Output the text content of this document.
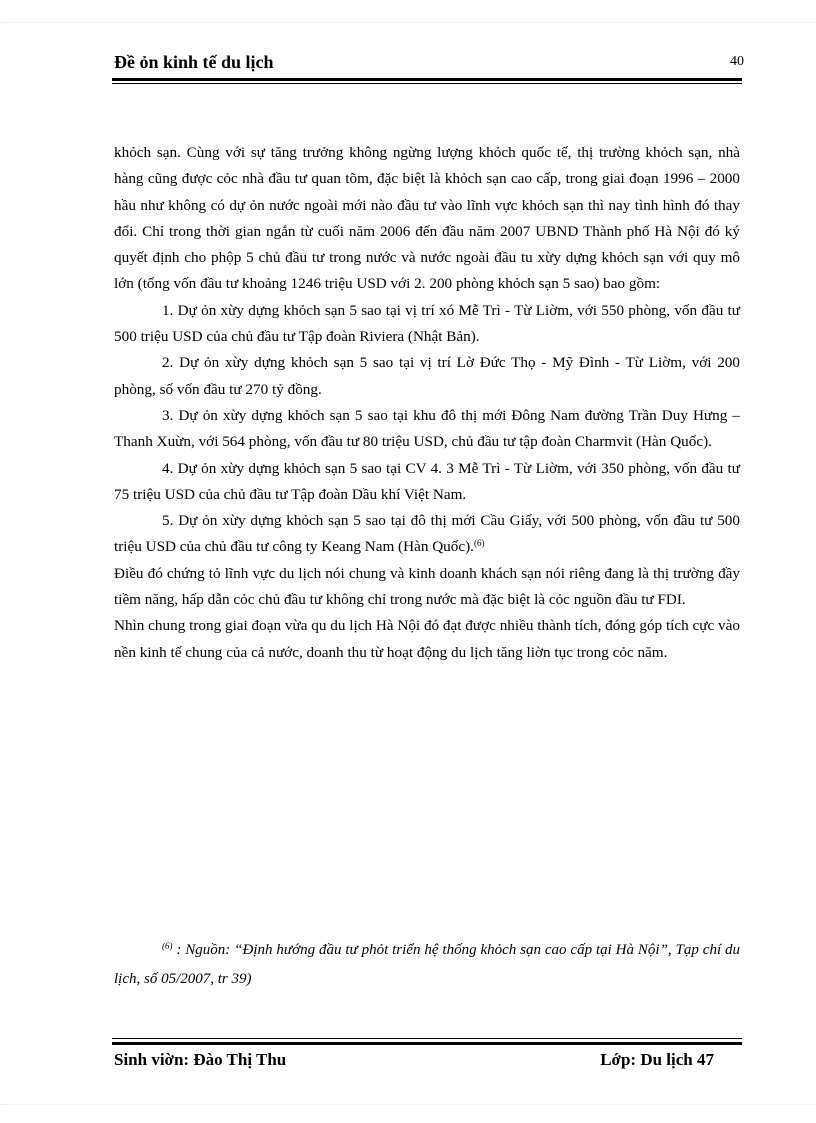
Đề ỏn kinh tế du lịch	40

khỏch sạn. Cùng với sự tăng trưởng không ngừng lượng khỏch quốc tế, thị trường khỏch sạn, nhà hàng cũng được cỏc nhà đầu tư quan tõm, đặc biệt là khỏch sạn cao cấp, trong giai đoạn 1996 – 2000 hầu như không có dự ỏn nước ngoài mới nào đầu tư vào lĩnh vực khỏch sạn thì nay tình hình đó thay đổi. Chỉ trong thời gian ngắn từ cuối năm 2006 đến đầu năm 2007 UBND Thành phố Hà Nội đó ký quyết định cho phộp 5 chủ đầu tư trong nước và nước ngoài đầu tu xừy dựng khỏch sạn với quy mô lớn (tổng vốn đầu tư khoảng 1246 triệu USD với 2. 200 phòng khỏch sạn 5 sao) bao gồm:

1. Dự ỏn xừy dựng khỏch sạn 5 sao tại vị trí xó Mễ Trì - Từ Liờm, với 550 phòng, vốn đầu tư 500 triệu USD của chủ đầu tư Tập đoàn Riviera (Nhật Bản).

2. Dự ỏn xừy dựng khỏch sạn 5 sao tại vị trí Lờ Đức Thọ - Mỹ Đình - Từ Liờm, với 200 phòng, số vốn đầu tư 270 tỷ đồng.

3. Dự ỏn xừy dựng khỏch sạn 5 sao tại khu đô thị mới Đông Nam đường Trần Duy Hưng – Thanh Xuừn, với 564 phòng, vốn đầu tư 80 triệu USD, chủ đầu tư tập đoàn Charmvit (Hàn Quốc).

4. Dự ỏn xừy dựng khỏch sạn 5 sao tại CV 4. 3 Mễ Trì - Từ Liờm, với 350 phòng, vốn đầu tư 75 triệu USD của chủ đầu tư Tập đoàn Dầu khí Việt Nam.

5. Dự ỏn xừy dựng khỏch sạn 5 sao tại đô thị mới Cầu Giấy, với 500 phòng, vốn đầu tư 500 triệu USD của chủ đầu tư công ty Keang Nam (Hàn Quốc).$^{(6)}$

Điều đó chứng tỏ lĩnh vực du lịch nói chung và kinh doanh khách sạn nói riêng đang là thị trường đầy tiềm năng, hấp dẫn cỏc chủ đầu tư không chỉ trong nước mà đặc biệt là cỏc nguồn đầu tư FDI.

Nhìn chung trong giai đoạn vừa qu du lịch Hà Nội đó đạt được nhiều thành tích, đóng góp tích cực vào nền kinh tế chung của cả nước, doanh thu từ hoạt động du lịch tăng liờn tục trong cỏc năm.

$^{(6)}$ : Nguồn: “Định hướng đầu tư phỏt triển hệ thống khỏch sạn cao cấp tại Hà Nội”, Tạp chí du lịch, số 05/2007, tr 39)
Sinh viờn: Đào Thị Thu	Lớp: Du lịch 47
